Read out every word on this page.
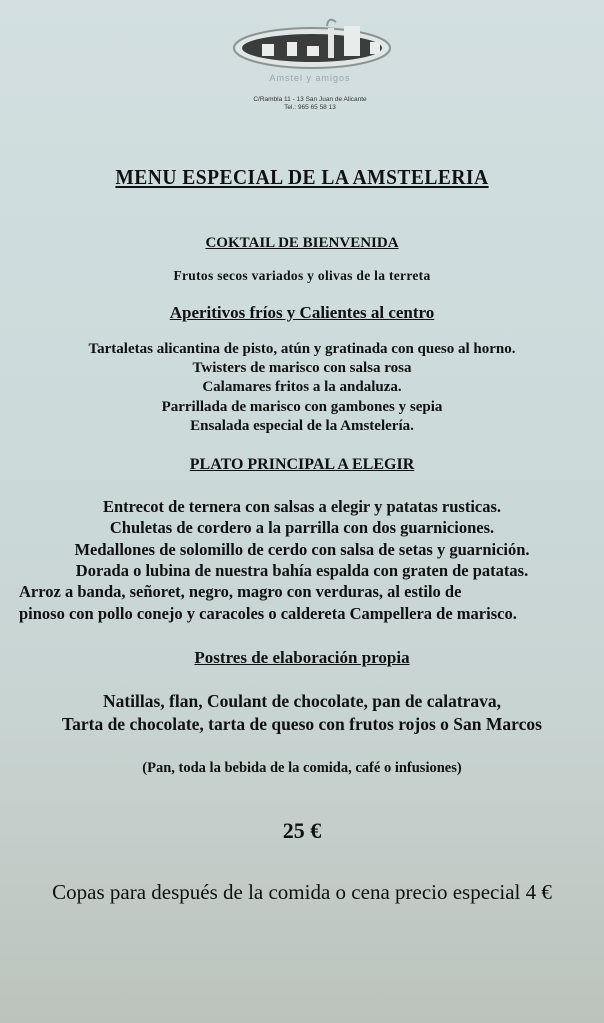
Amstel y amigos
C/Rambla 11 - 13 San Juan de Alicante
Tel.: 965 65 58 13
MENU ESPECIAL DE LA AMSTELERIA
COKTAIL DE BIENVENIDA
Frutos secos variados y olivas de la terreta
Aperitivos fríos y Calientes al centro
Tartaletas alicantina de pisto, atún y gratinada con queso al horno.
Twisters de marisco con salsa rosa
Calamares fritos a la andaluza.
Parrillada de marisco con gambones y sepia
Ensalada especial de la Amstelería.
PLATO PRINCIPAL A ELEGIR
Entrecot de ternera con salsas a elegir y patatas rusticas.
Chuletas de cordero a la parrilla con dos guarniciones.
Medallones de solomillo de cerdo con salsa de setas y guarnición.
Dorada o lubina de nuestra bahía espalda con graten de patatas.
Arroz a banda, señoret, negro, magro con verduras, al estilo de
pinoso con pollo conejo y caracoles o caldereta Campellera de marisco.
Postres de elaboración propia
Natillas, flan, Coulant de chocolate, pan de calatrava,
Tarta de chocolate, tarta de queso con frutos rojos o San Marcos
(Pan, toda la bebida de la comida, café o infusiones)
25 €
Copas para después de la comida o cena precio especial 4 €
